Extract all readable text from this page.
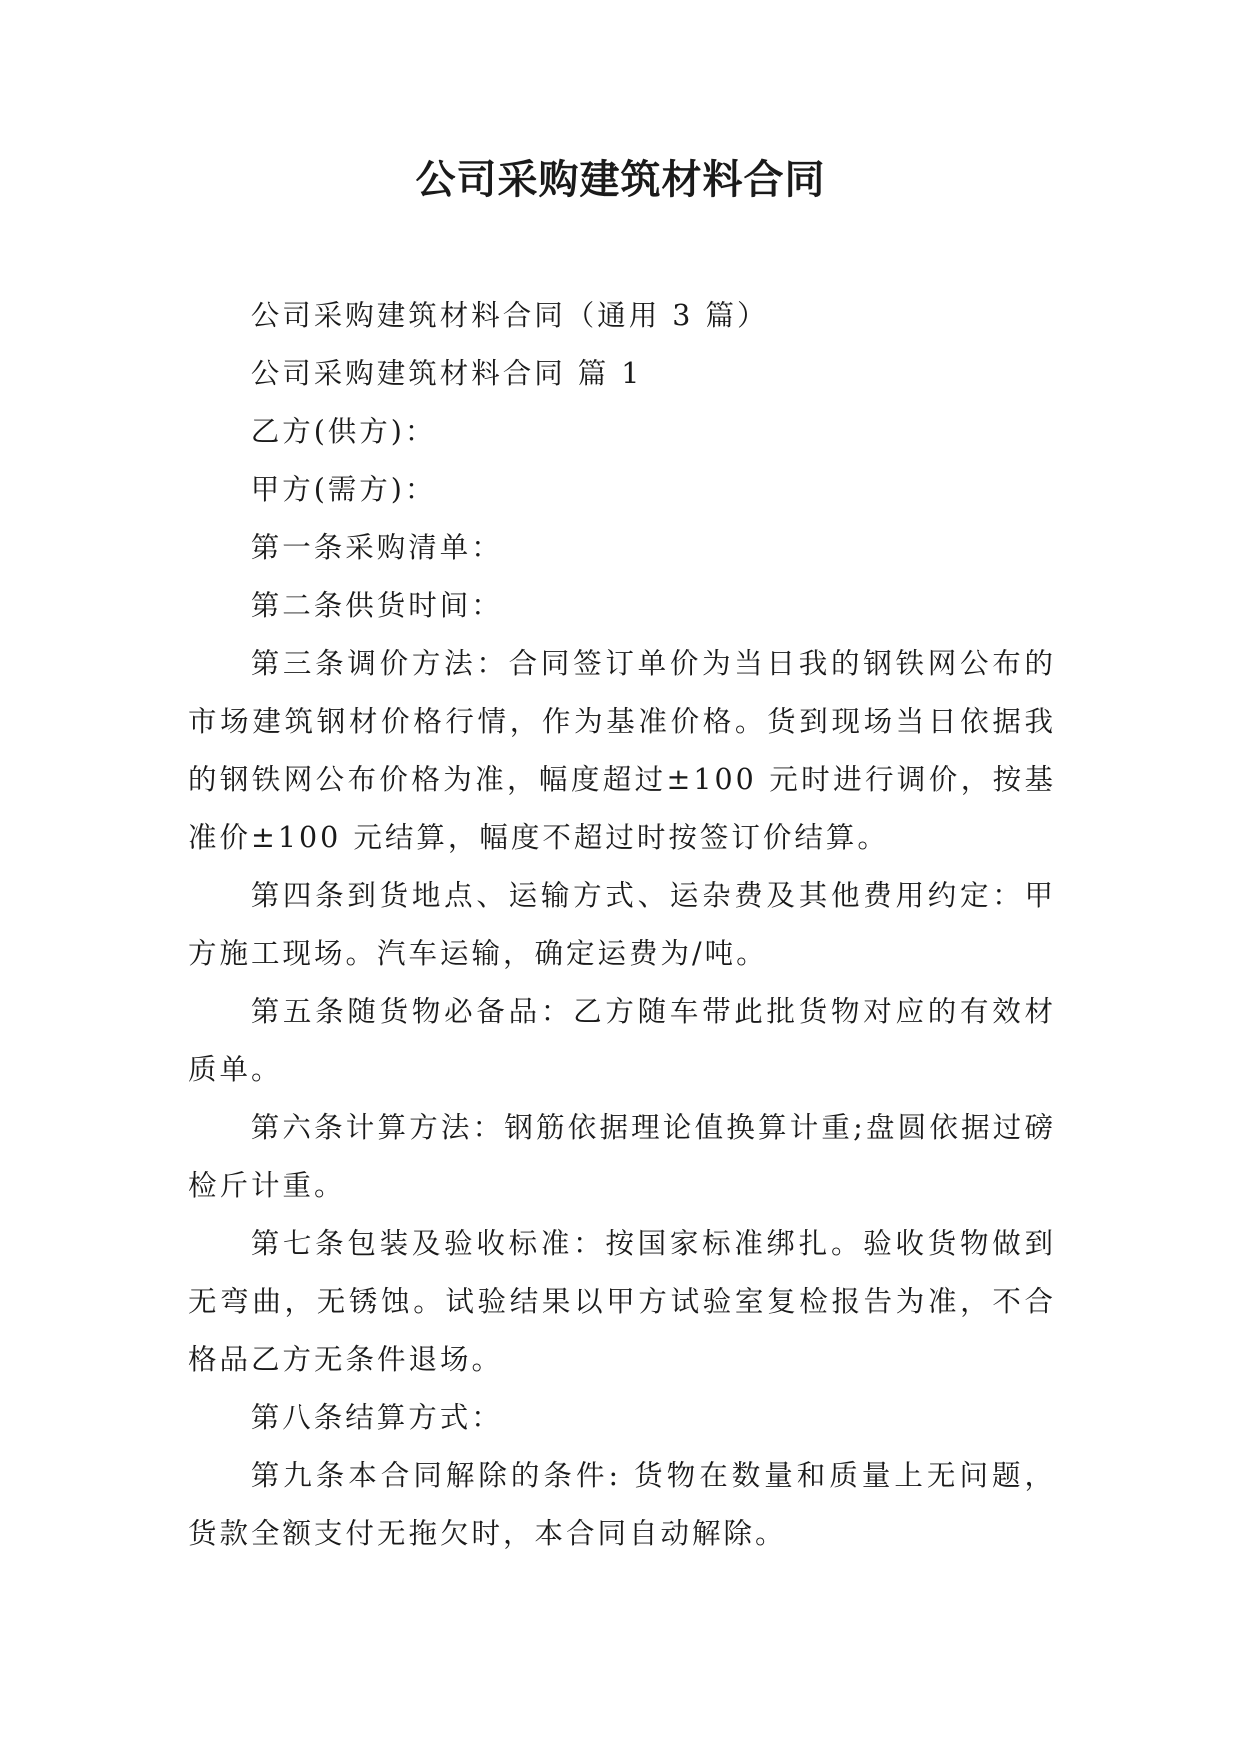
公司采购建筑材料合同

公司采购建筑材料合同（通用 3 篇）

公司采购建筑材料合同 篇 1

乙方(供方)：

甲方(需方)：

第一条采购清单：

第二条供货时间：

第三条调价方法：合同签订单价为当日我的钢铁网公布的市场建筑钢材价格行情，作为基准价格。货到现场当日依据我的钢铁网公布价格为准，幅度超过±100 元时进行调价，按基准价±100 元结算，幅度不超过时按签订价结算。

第四条到货地点、运输方式、运杂费及其他费用约定：甲方施工现场。汽车运输，确定运费为/吨。

第五条随货物必备品：乙方随车带此批货物对应的有效材质单。

第六条计算方法：钢筋依据理论值换算计重;盘圆依据过磅检斤计重。

第七条包装及验收标准：按国家标准绑扎。验收货物做到无弯曲，无锈蚀。试验结果以甲方试验室复检报告为准，不合格品乙方无条件退场。

第八条结算方式：

第九条本合同解除的条件: 货物在数量和质量上无问题，货款全额支付无拖欠时，本合同自动解除。
